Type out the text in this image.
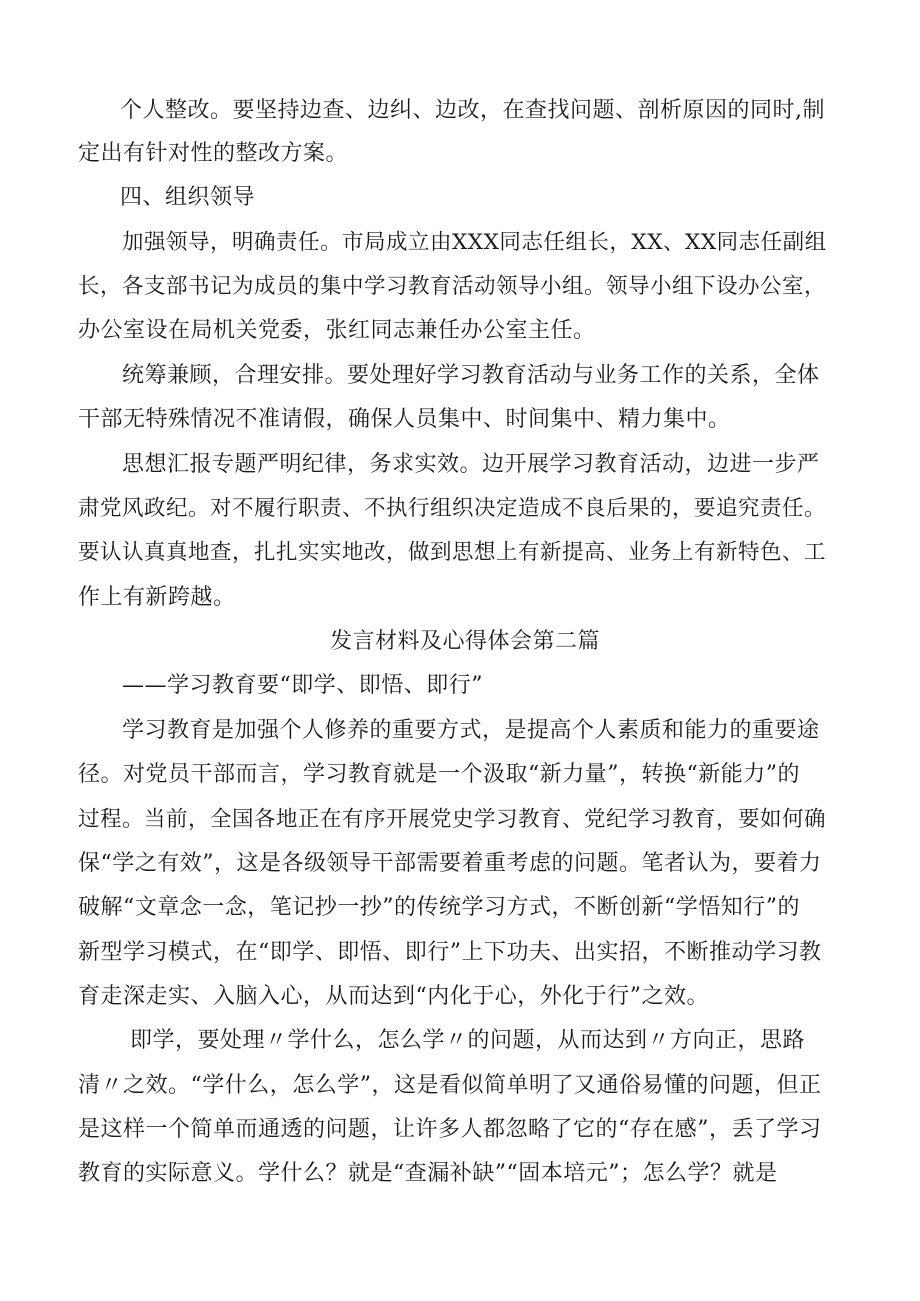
个人整改。要坚持边查、边纠、边改，在查找问题、剖析原因的同时,制
定出有针对性的整改方案。
四、组织领导
加强领导，明确责任。市局成立由XXX同志任组长，XX、XX同志任副组
长，各支部书记为成员的集中学习教育活动领导小组。领导小组下设办公室，
办公室设在局机关党委，张红同志兼任办公室主任。
统筹兼顾，合理安排。要处理好学习教育活动与业务工作的关系，全体
干部无特殊情况不准请假，确保人员集中、时间集中、精力集中。
思想汇报专题严明纪律，务求实效。边开展学习教育活动，边进一步严
肃党风政纪。对不履行职责、不执行组织决定造成不良后果的，要追究责任。
要认认真真地查，扎扎实实地改，做到思想上有新提高、业务上有新特色、工
作上有新跨越。
发言材料及心得体会第二篇
——学习教育要“即学、即悟、即行”
学习教育是加强个人修养的重要方式，是提高个人素质和能力的重要途
径。对党员干部而言，学习教育就是一个汲取“新力量”，转换“新能力”的
过程。当前，全国各地正在有序开展党史学习教育、党纪学习教育，要如何确
保“学之有效”，这是各级领导干部需要着重考虑的问题。笔者认为，要着力
破解“文章念一念，笔记抄一抄”的传统学习方式，不断创新“学悟知行”的
新型学习模式，在“即学、即悟、即行”上下功夫、出实招，不断推动学习教
育走深走实、入脑入心，从而达到“内化于心，外化于行”之效。
即学，要处理〃学什么，怎么学〃的问题，从而达到〃方向正，思路
清〃之效。“学什么，怎么学”，这是看似简单明了又通俗易懂的问题，但正
是这样一个简单而通透的问题，让许多人都忽略了它的“存在感”，丢了学习
教育的实际意义。学什么？就是“查漏补缺”“固本培元”；怎么学？就是
